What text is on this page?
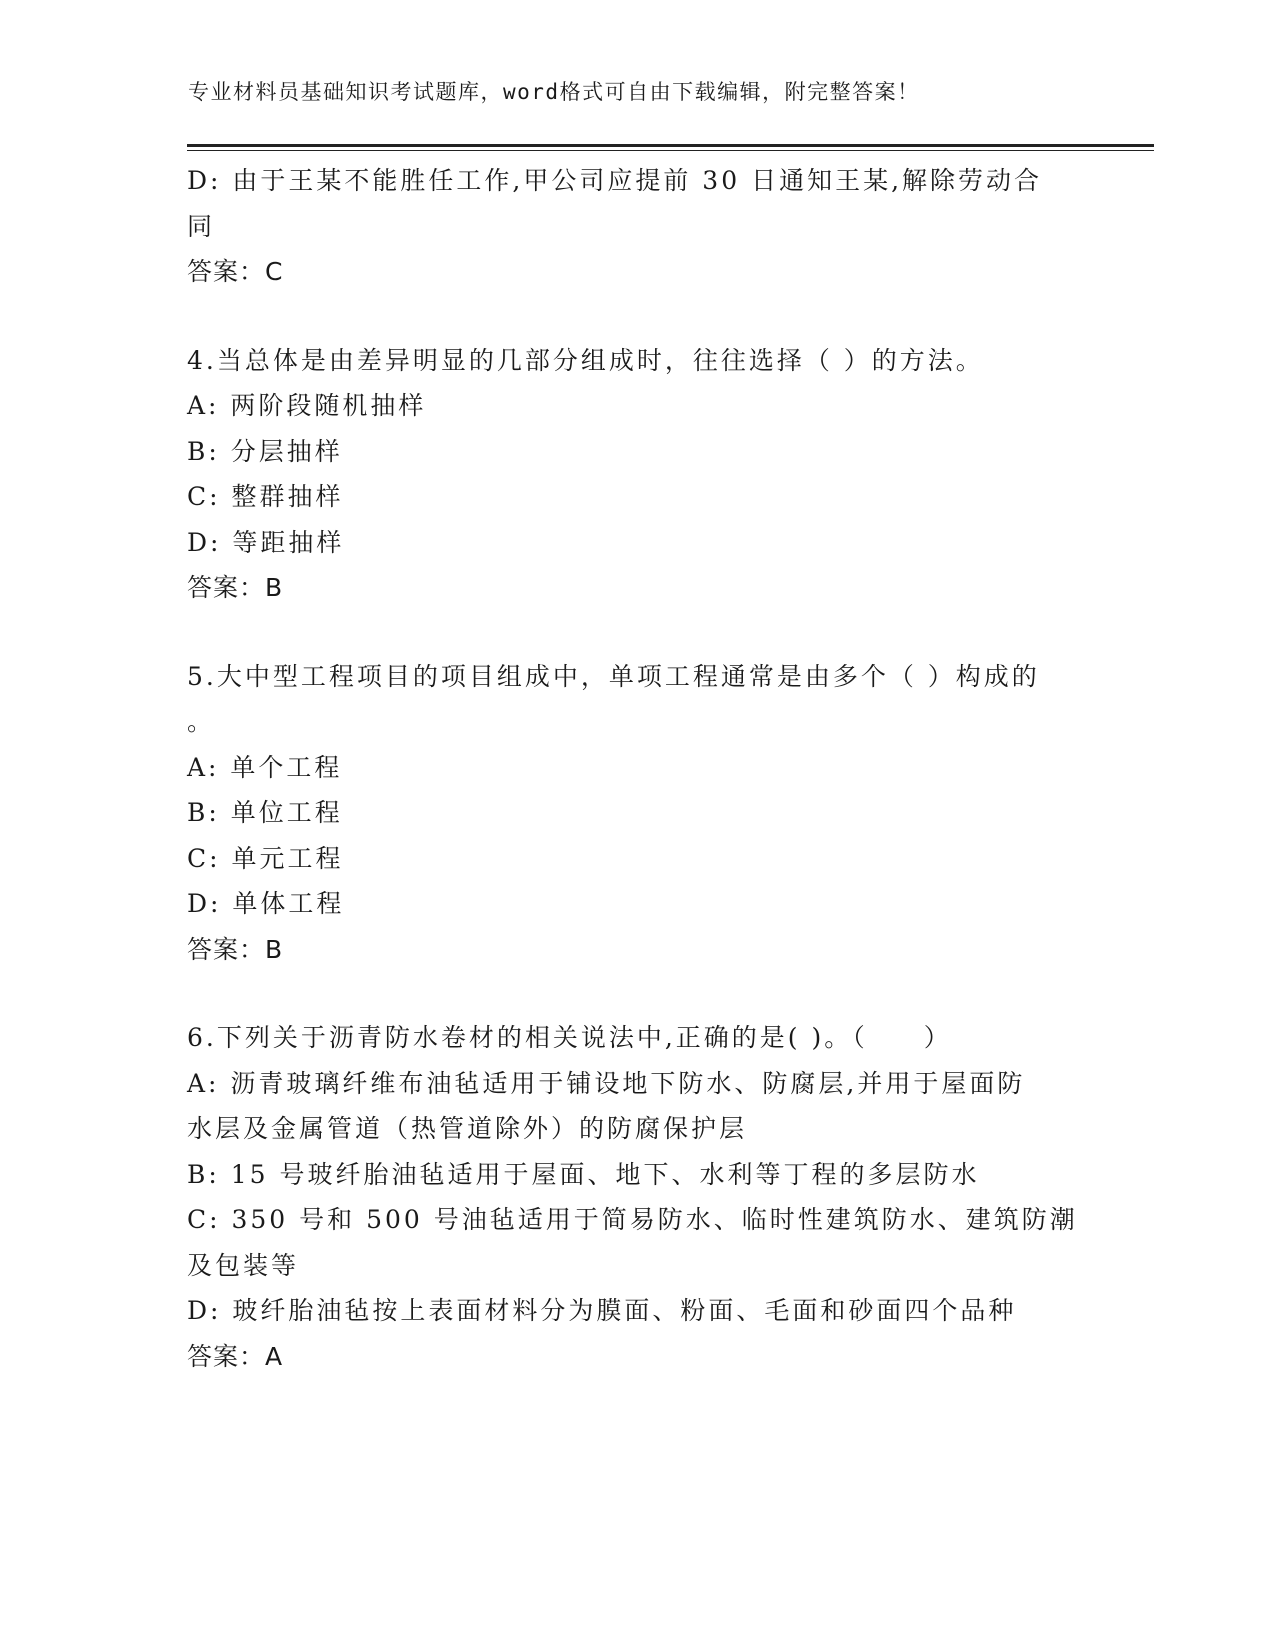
专业材料员基础知识考试题库，word格式可自由下载编辑，附完整答案！
D: 由于王某不能胜任工作,甲公司应提前 30 日通知王某,解除劳动合
同
答案：C
4.当总体是由差异明显的几部分组成时，往往选择（ ）的方法。
A: 两阶段随机抽样
B: 分层抽样
C: 整群抽样
D: 等距抽样
答案：B
5.大中型工程项目的项目组成中，单项工程通常是由多个（ ）构成的
。
A: 单个工程
B: 单位工程
C: 单元工程
D: 单体工程
答案：B
6.下列关于沥青防水卷材的相关说法中,正确的是( )。（　　）
A: 沥青玻璃纤维布油毡适用于铺设地下防水、防腐层,并用于屋面防
水层及金属管道（热管道除外）的防腐保护层
B: 15 号玻纤胎油毡适用于屋面、地下、水利等丁程的多层防水
C: 350 号和 500 号油毡适用于简易防水、临时性建筑防水、建筑防潮
及包装等
D: 玻纤胎油毡按上表面材料分为膜面、粉面、毛面和砂面四个品种
答案：A
